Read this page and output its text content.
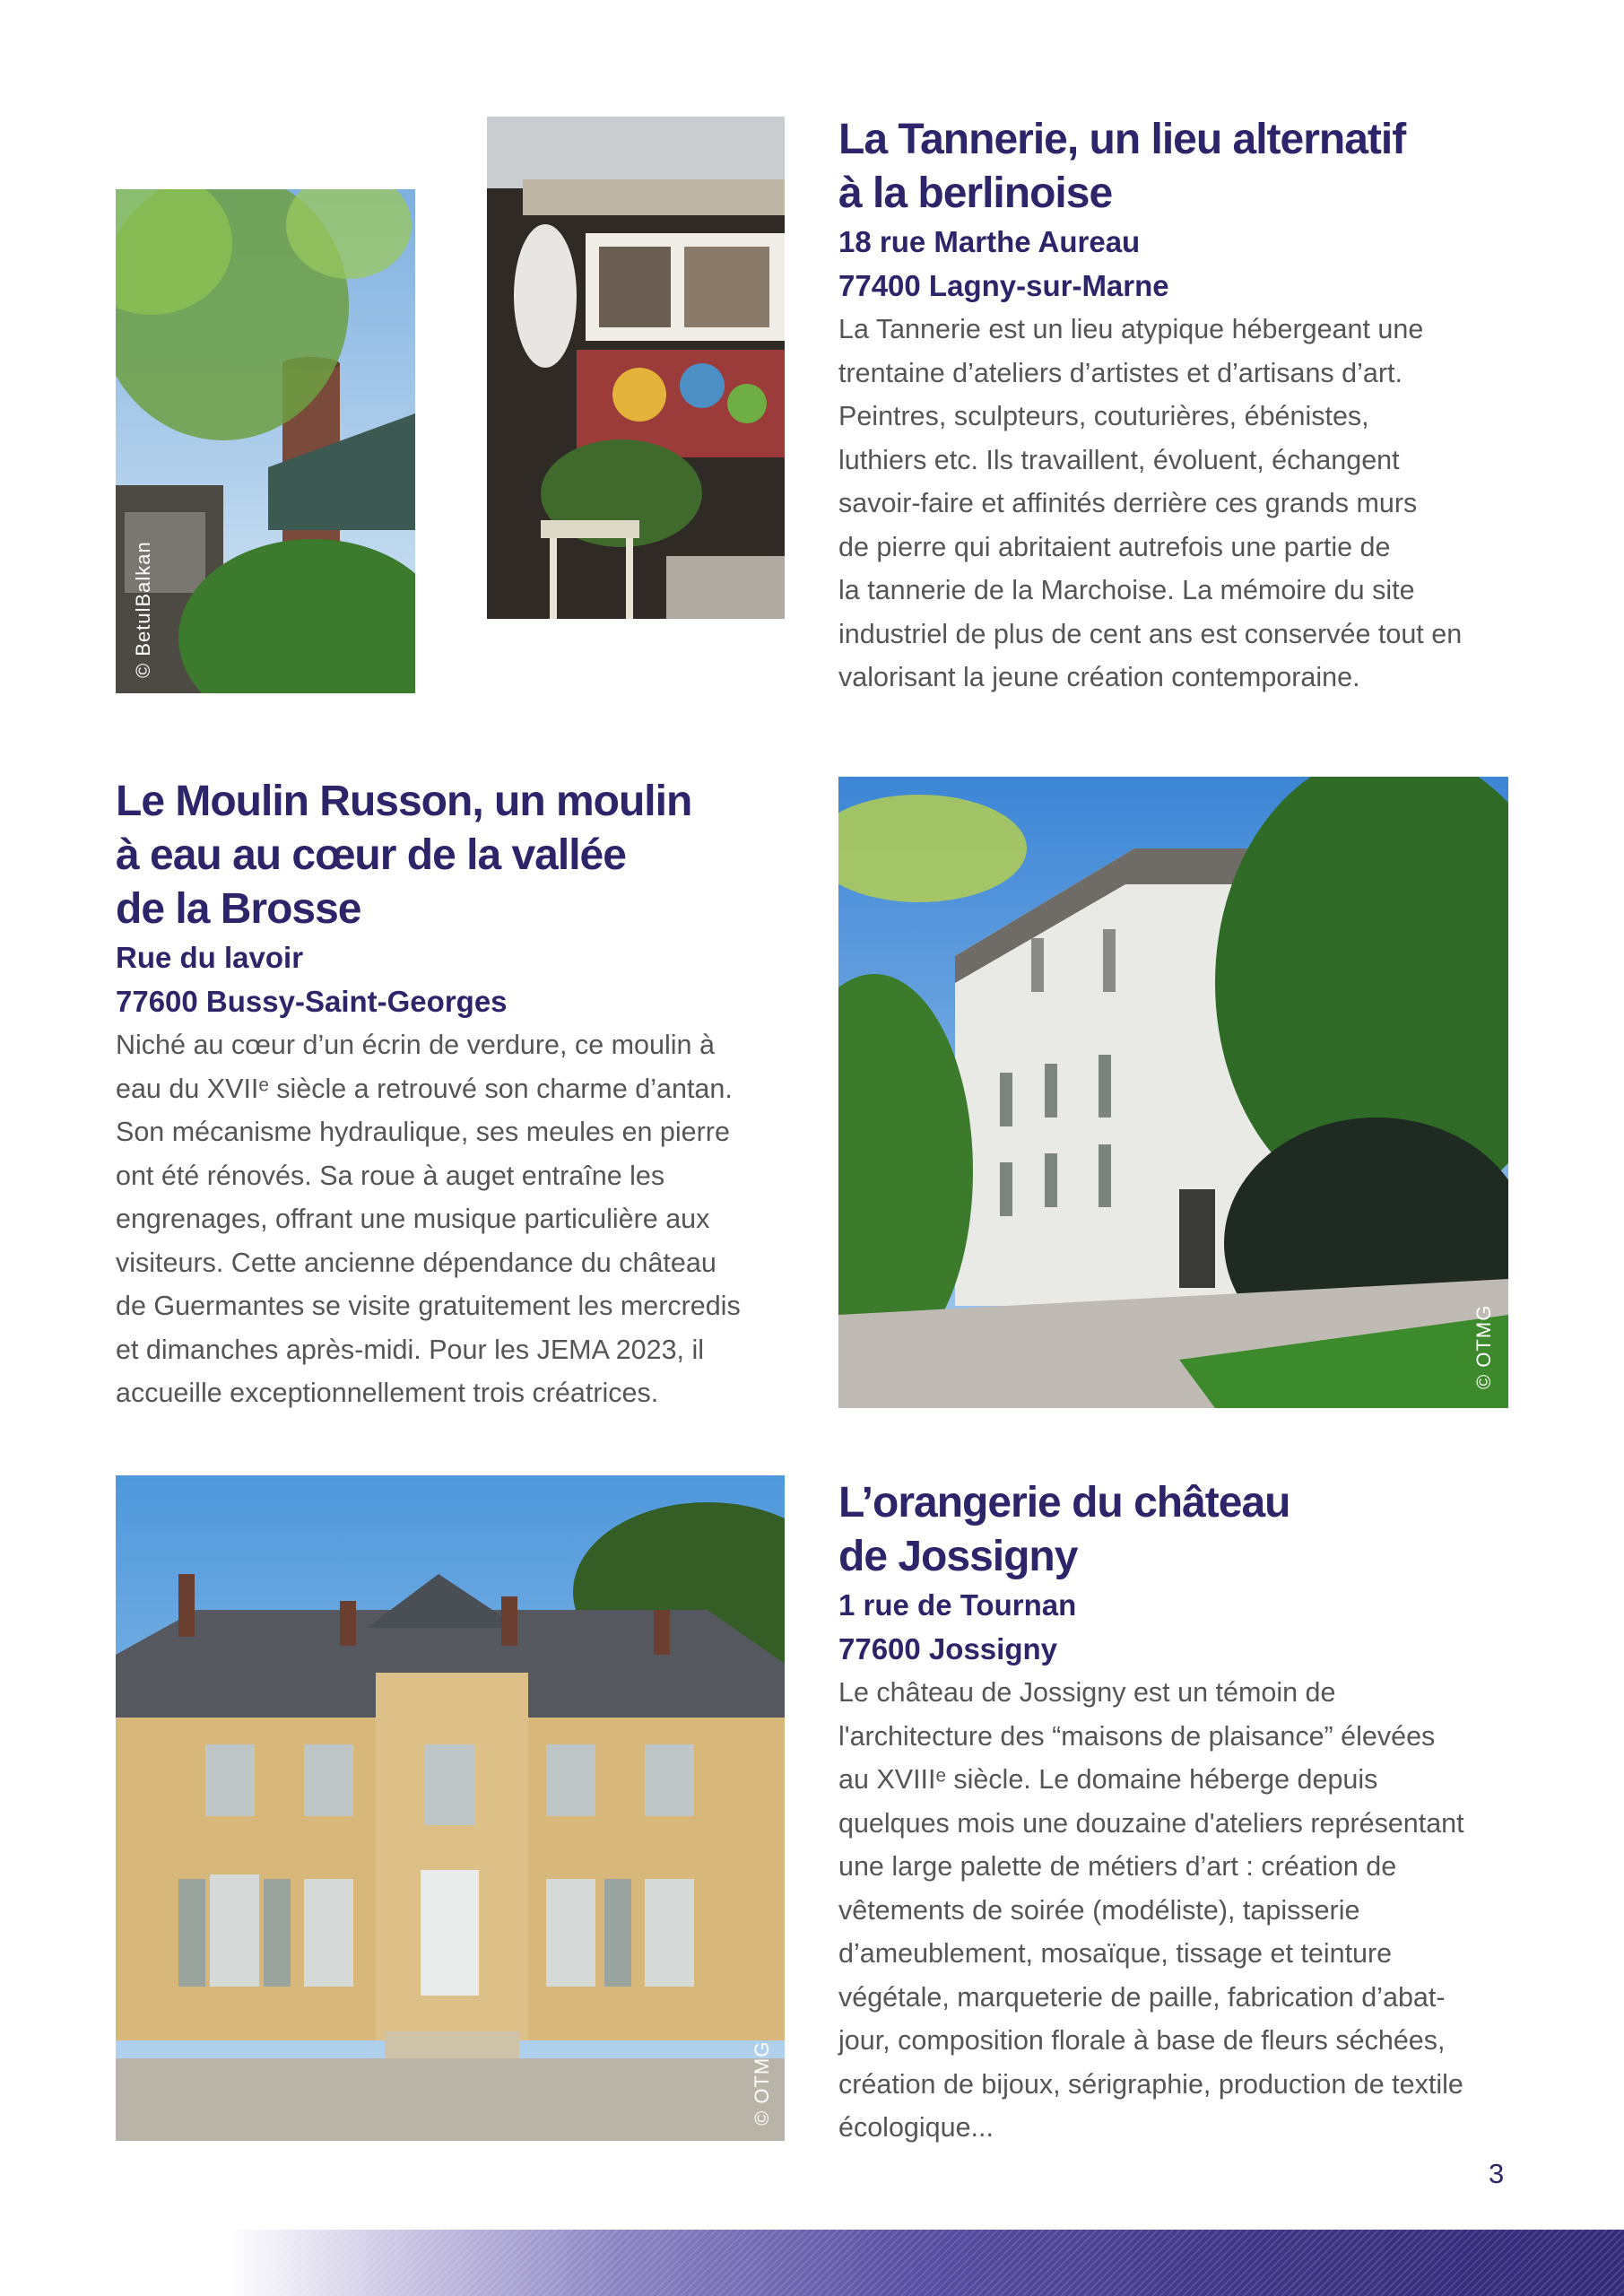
© BetulBalkan
La Tannerie, un lieu alternatif
à la berlinoise
18 rue Marthe Aureau
77400 Lagny-sur-Marne
La Tannerie est un lieu atypique hébergeant une
trentaine d’ateliers d’artistes et d’artisans d’art.
Peintres, sculpteurs, couturières, ébénistes,
luthiers etc. Ils travaillent, évoluent, échangent
savoir-faire et affinités derrière ces grands murs
de pierre qui abritaient autrefois une partie de
la tannerie de la Marchoise. La mémoire du site
industriel de plus de cent ans est conservée tout en
valorisant la jeune création contemporaine.
Le Moulin Russon, un moulin
à eau au cœur de la vallée
de la Brosse
Rue du lavoir
77600 Bussy-Saint-Georges
Niché au cœur d’un écrin de verdure, ce moulin à
eau du XVIIᵉ siècle a retrouvé son charme d’antan.
Son mécanisme hydraulique, ses meules en pierre
ont été rénovés. Sa roue à auget entraîne les
engrenages, offrant une musique particulière aux
visiteurs. Cette ancienne dépendance du château
de Guermantes se visite gratuitement les mercredis
et dimanches après-midi. Pour les JEMA 2023, il
accueille exceptionnellement trois créatrices.
© OTMG
© OTMG
L’orangerie du château
de Jossigny
1 rue de Tournan
77600 Jossigny
Le château de Jossigny est un témoin de
l'architecture des “maisons de plaisance” élevées
au XVIIIᵉ siècle. Le domaine héberge depuis
quelques mois une douzaine d'ateliers représentant
une large palette de métiers d’art : création de
vêtements de soirée (modéliste), tapisserie
d’ameublement, mosaïque, tissage et teinture
végétale, marqueterie de paille, fabrication d’abat-
jour, composition florale à base de fleurs séchées,
création de bijoux, sérigraphie, production de textile
écologique...
3
